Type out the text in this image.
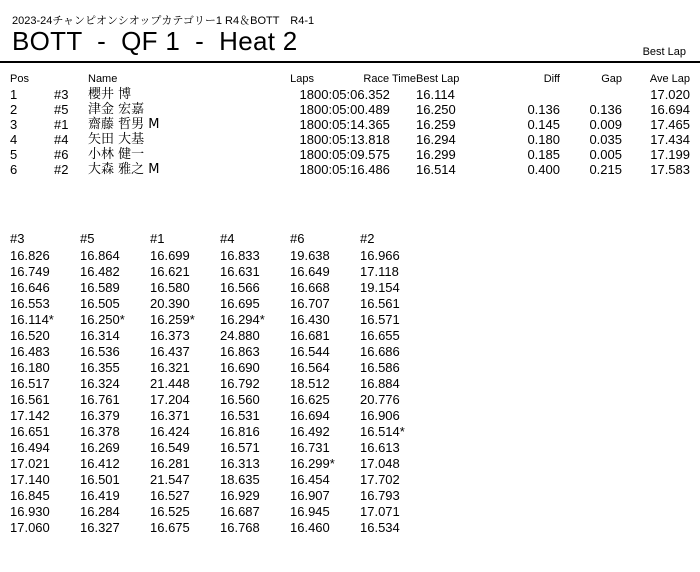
2023-24チャンピオンシオップカテゴリー1 R4＆BOTT　R4-1
BOTT  -  QF 1  -  Heat 2	Best Lap
Pos		Name	Laps	Race Time	Best Lap	Diff	Gap	Ave Lap
1	#3	櫻井 博	18	00:05:06.352	16.114			17.020
2	#5	津金 宏嘉	18	00:05:00.489	16.250	0.136	0.136	16.694
3	#1	齋藤 哲男 M	18	00:05:14.365	16.259	0.145	0.009	17.465
4	#4	矢田 大基	18	00:05:13.818	16.294	0.180	0.035	17.434
5	#6	小林 健一	18	00:05:09.575	16.299	0.185	0.005	17.199
6	#2	大森 雅之 M	18	00:05:16.486	16.514	0.400	0.215	17.583
#3	#5	#1	#4	#6	#2
16.826	16.864	16.699	16.833	19.638	16.966
16.749	16.482	16.621	16.631	16.649	17.118
16.646	16.589	16.580	16.566	16.668	19.154
16.553	16.505	20.390	16.695	16.707	16.561
16.114*	16.250*	16.259*	16.294*	16.430	16.571
16.520	16.314	16.373	24.880	16.681	16.655
16.483	16.536	16.437	16.863	16.544	16.686
16.180	16.355	16.321	16.690	16.564	16.586
16.517	16.324	21.448	16.792	18.512	16.884
16.561	16.761	17.204	16.560	16.625	20.776
17.142	16.379	16.371	16.531	16.694	16.906
16.651	16.378	16.424	16.816	16.492	16.514*
16.494	16.269	16.549	16.571	16.731	16.613
17.021	16.412	16.281	16.313	16.299*	17.048
17.140	16.501	21.547	18.635	16.454	17.702
16.845	16.419	16.527	16.929	16.907	16.793
16.930	16.284	16.525	16.687	16.945	17.071
17.060	16.327	16.675	16.768	16.460	16.534
